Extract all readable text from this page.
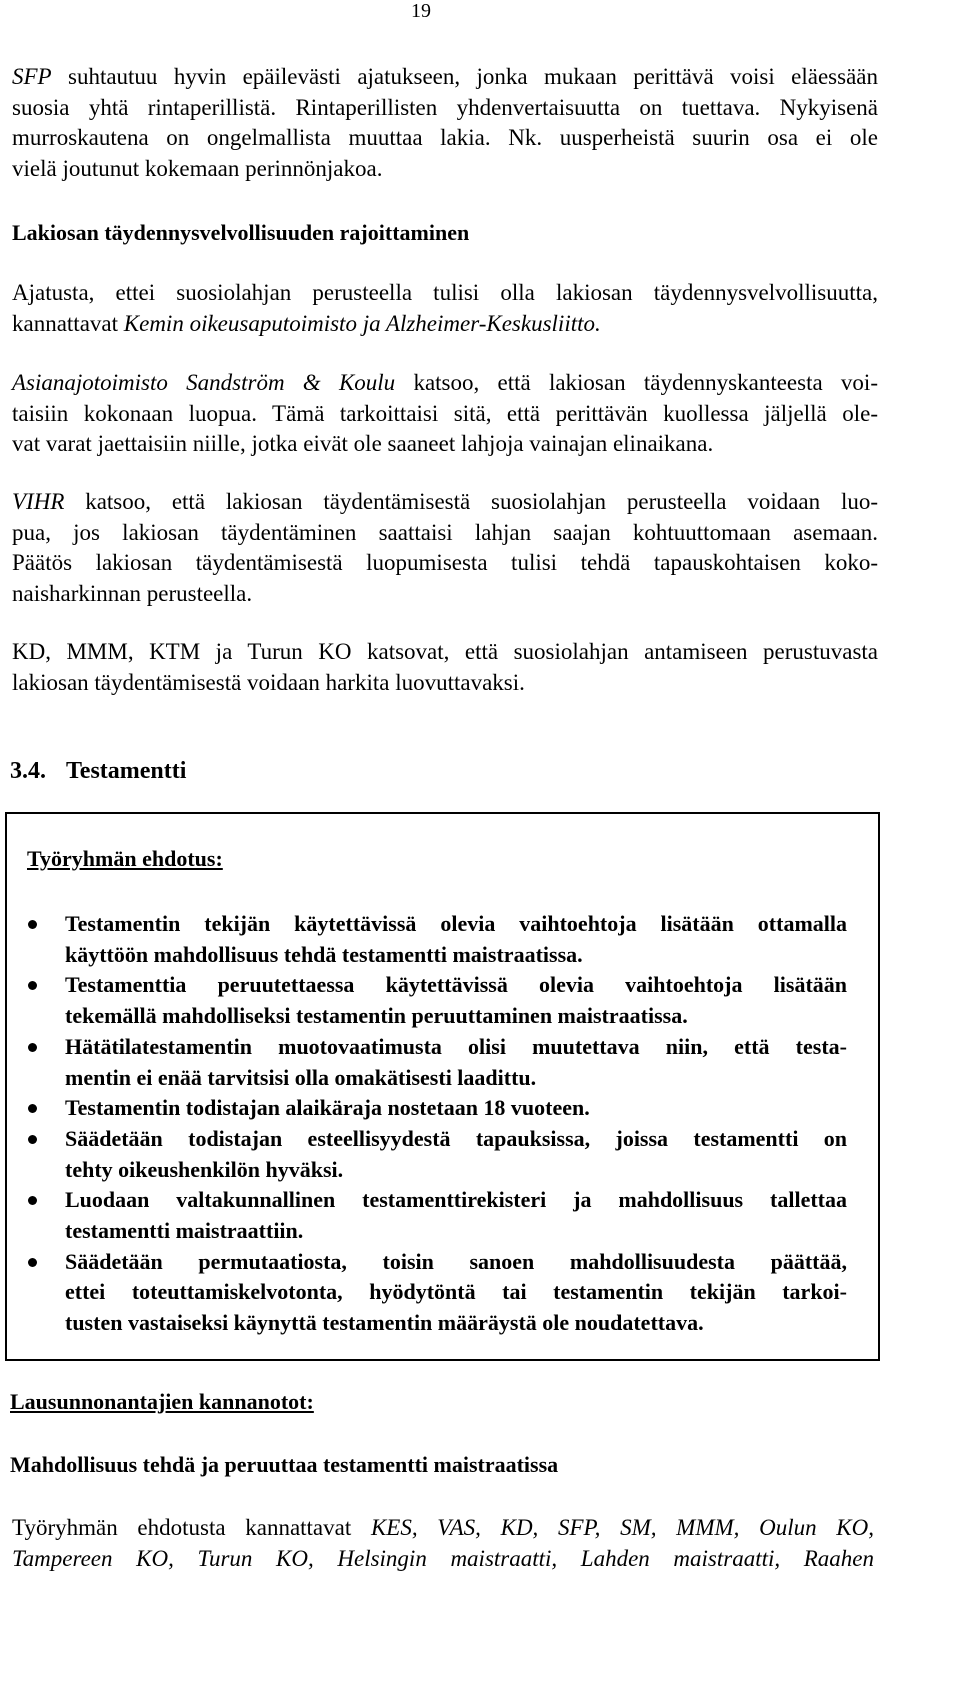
19
SFP suhtautuu hyvin epäilevästi ajatukseen, jonka mukaan perittävä voisi eläessään
suosia yhtä rintaperillistä. Rintaperillisten yhdenvertaisuutta on tuettava. Nykyisenä
murroskautena on ongelmallista muuttaa lakia. Nk. uusperheistä suurin osa ei ole
vielä joutunut kokemaan perinnönjakoa.
Lakiosan täydennysvelvollisuuden rajoittaminen
Ajatusta, ettei suosiolahjan perusteella tulisi olla lakiosan täydennysvelvollisuutta,
kannattavat Kemin oikeusaputoimisto ja Alzheimer-Keskusliitto.
Asianajotoimisto Sandström & Koulu katsoo, että lakiosan täydennyskanteesta voi-
taisiin kokonaan luopua. Tämä tarkoittaisi sitä, että perittävän kuollessa jäljellä ole-
vat varat jaettaisiin niille, jotka eivät ole saaneet lahjoja vainajan elinaikana.
VIHR katsoo, että lakiosan täydentämisestä suosiolahjan perusteella voidaan luo-
pua, jos lakiosan täydentäminen saattaisi lahjan saajan kohtuuttomaan asemaan.
Päätös lakiosan täydentämisestä luopumisesta tulisi tehdä tapauskohtaisen koko-
naisharkinnan perusteella.
KD, MMM, KTM ja Turun KO katsovat, että suosiolahjan antamiseen perustuvasta
lakiosan täydentämisestä voidaan harkita luovuttavaksi.
3.4. Testamentti
Työryhmän ehdotus:
Testamentin tekijän käytettävissä olevia vaihtoehtoja lisätään ottamalla
käyttöön mahdollisuus tehdä testamentti maistraatissa.
Testamenttia peruutettaessa käytettävissä olevia vaihtoehtoja lisätään
tekemällä mahdolliseksi testamentin peruuttaminen maistraatissa.
Hätätilatestamentin muotovaatimusta olisi muutettava niin, että testa-
mentin ei enää tarvitsisi olla omakätisesti laadittu.
Testamentin todistajan alaikäraja nostetaan 18 vuoteen.
Säädetään todistajan esteellisyydestä tapauksissa, joissa testamentti on
tehty oikeushenkilön hyväksi.
Luodaan valtakunnallinen testamenttirekisteri ja mahdollisuus tallettaa
testamentti maistraattiin.
Säädetään permutaatiosta, toisin sanoen mahdollisuudesta päättää,
ettei toteuttamiskelvotonta, hyödytöntä tai testamentin tekijän tarkoi-
tusten vastaiseksi käynyttä testamentin määräystä ole noudatettava.
Lausunnonantajien kannanotot:
Mahdollisuus tehdä ja peruuttaa testamentti maistraatissa
Työryhmän ehdotusta kannattavat KES, VAS, KD, SFP, SM, MMM, Oulun KO,
Tampereen KO, Turun KO, Helsingin maistraatti, Lahden maistraatti, Raahen
